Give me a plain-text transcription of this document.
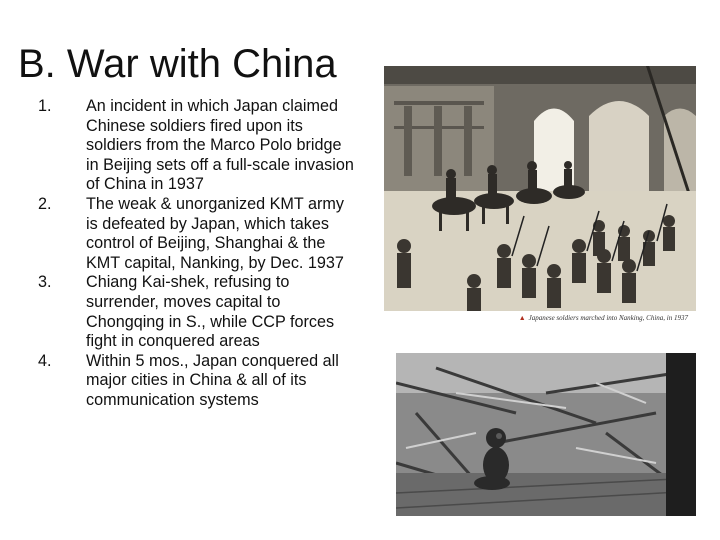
B. War with China
1.	An incident in which Japan claimed Chinese soldiers fired upon its soldiers from the Marco Polo bridge in Beijing sets off a full-scale invasion of China in 1937
2.	The weak & unorganized KMT army is defeated by Japan, which takes control of Beijing, Shanghai & the KMT capital, Nanking, by Dec. 1937
3.	Chiang Kai-shek, refusing to surrender, moves capital to Chongqing in S., while CCP forces fight in conquered areas
4.	Within 5 mos., Japan conquered all major cities in China & all of its communication systems
▲ Japanese soldiers marched into Nanking, China, in 1937
